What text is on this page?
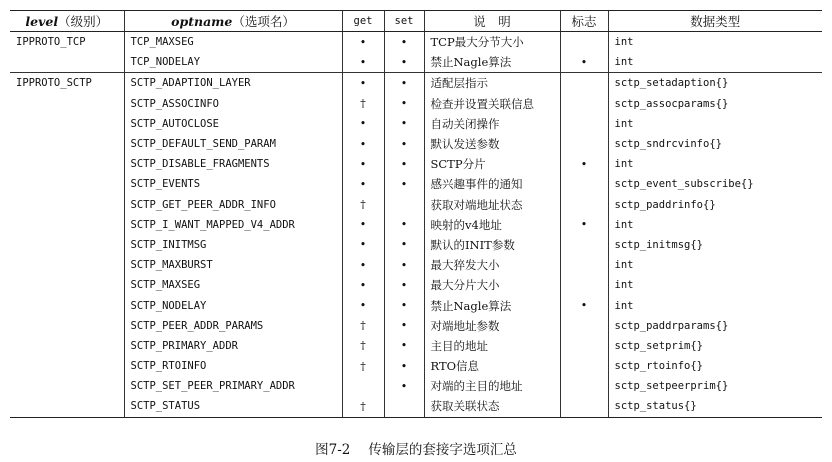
level（级别）	optname（选项名）	get	set	说　明	标志	数据类型
IPPROTO_TCP	TCP_MAXSEG	•	•	TCP最大分节大小		int
	TCP_NODELAY	•	•	禁止Nagle算法	•	int
IPPROTO_SCTP	SCTP_ADAPTION_LAYER	•	•	适配层指示		sctp_setadaption{}
	SCTP_ASSOCINFO	†	•	检查并设置关联信息		sctp_assocparams{}
	SCTP_AUTOCLOSE	•	•	自动关闭操作		int
	SCTP_DEFAULT_SEND_PARAM	•	•	默认发送参数		sctp_sndrcvinfo{}
	SCTP_DISABLE_FRAGMENTS	•	•	SCTP分片	•	int
	SCTP_EVENTS	•	•	感兴趣事件的通知		sctp_event_subscribe{}
	SCTP_GET_PEER_ADDR_INFO	†		获取对端地址状态		sctp_paddrinfo{}
	SCTP_I_WANT_MAPPED_V4_ADDR	•	•	映射的v4地址	•	int
	SCTP_INITMSG	•	•	默认的INIT参数		sctp_initmsg{}
	SCTP_MAXBURST	•	•	最大猝发大小		int
	SCTP_MAXSEG	•	•	最大分片大小		int
	SCTP_NODELAY	•	•	禁止Nagle算法	•	int
	SCTP_PEER_ADDR_PARAMS	†	•	对端地址参数		sctp_paddrparams{}
	SCTP_PRIMARY_ADDR	†	•	主目的地址		sctp_setprim{}
	SCTP_RTOINFO	†	•	RTO信息		sctp_rtoinfo{}
	SCTP_SET_PEER_PRIMARY_ADDR		•	对端的主目的地址		sctp_setpeerprim{}
	SCTP_STATUS	†		获取关联状态		sctp_status{}
图7-2 传输层的套接字选项汇总
